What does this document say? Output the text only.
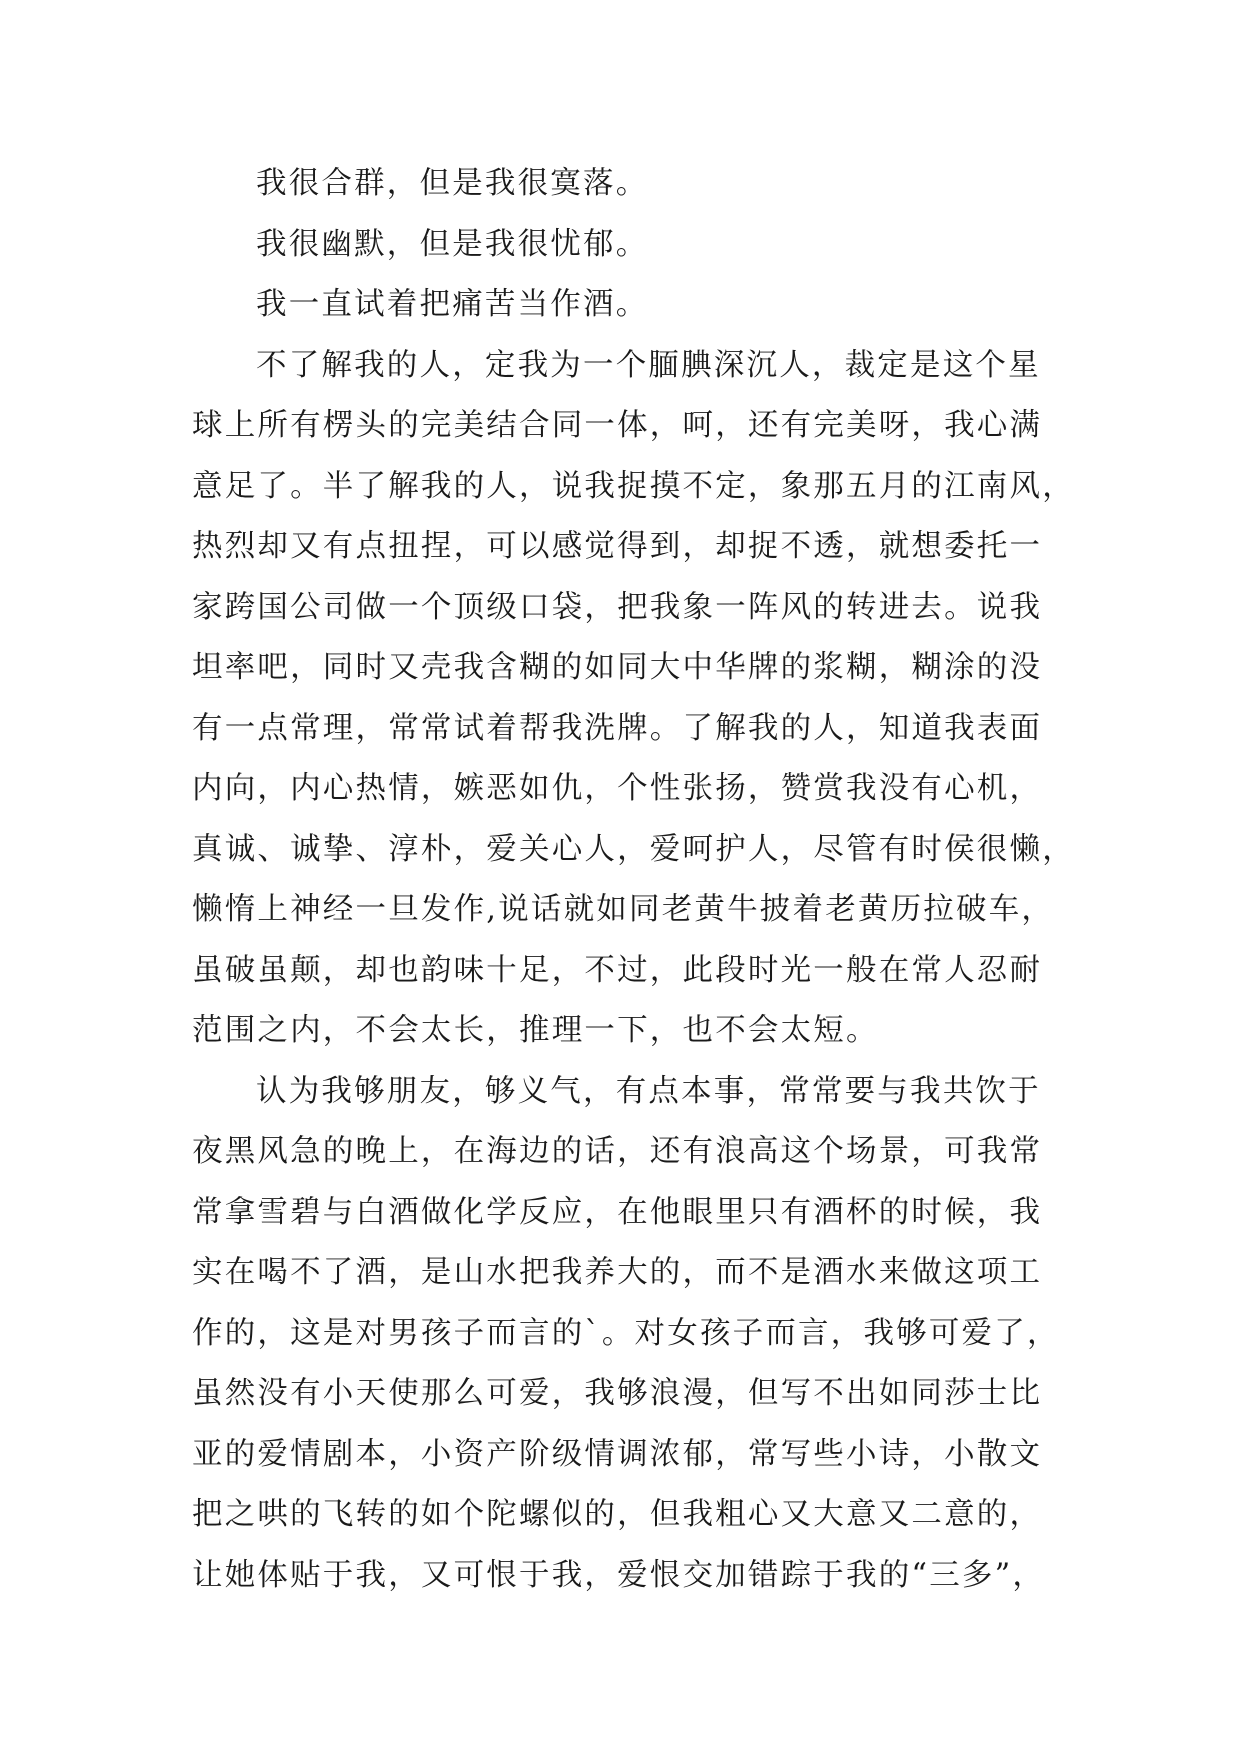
我很合群，但是我很寞落。

我很幽默，但是我很忧郁。

我一直试着把痛苦当作酒。

不了解我的人，定我为一个腼腆深沉人，裁定是这个星
球上所有楞头的完美结合同一体，呵，还有完美呀，我心满
意足了。半了解我的人，说我捉摸不定，象那五月的江南风，
热烈却又有点扭捏，可以感觉得到，却捉不透，就想委托一
家跨国公司做一个顶级口袋，把我象一阵风的转进去。说我
坦率吧，同时又壳我含糊的如同大中华牌的浆糊，糊涂的没
有一点常理，常常试着帮我洗牌。了解我的人，知道我表面
内向，内心热情，嫉恶如仇，个性张扬，赞赏我没有心机，
真诚、诚挚、淳朴，爱关心人，爱呵护人，尽管有时侯很懒，
懒惰上神经一旦发作,说话就如同老黄牛披着老黄历拉破车，
虽破虽颠，却也韵味十足，不过，此段时光一般在常人忍耐
范围之内，不会太长，推理一下，也不会太短。

认为我够朋友，够义气，有点本事，常常要与我共饮于
夜黑风急的晚上，在海边的话，还有浪高这个场景，可我常
常拿雪碧与白酒做化学反应，在他眼里只有酒杯的时候，我
实在喝不了酒，是山水把我养大的，而不是酒水来做这项工
作的，这是对男孩子而言的`。对女孩子而言，我够可爱了，
虽然没有小天使那么可爱，我够浪漫，但写不出如同莎士比
亚的爱情剧本，小资产阶级情调浓郁，常写些小诗，小散文
把之哄的飞转的如个陀螺似的，但我粗心又大意又二意的，
让她体贴于我，又可恨于我，爱恨交加错踪于我的“三多”，
